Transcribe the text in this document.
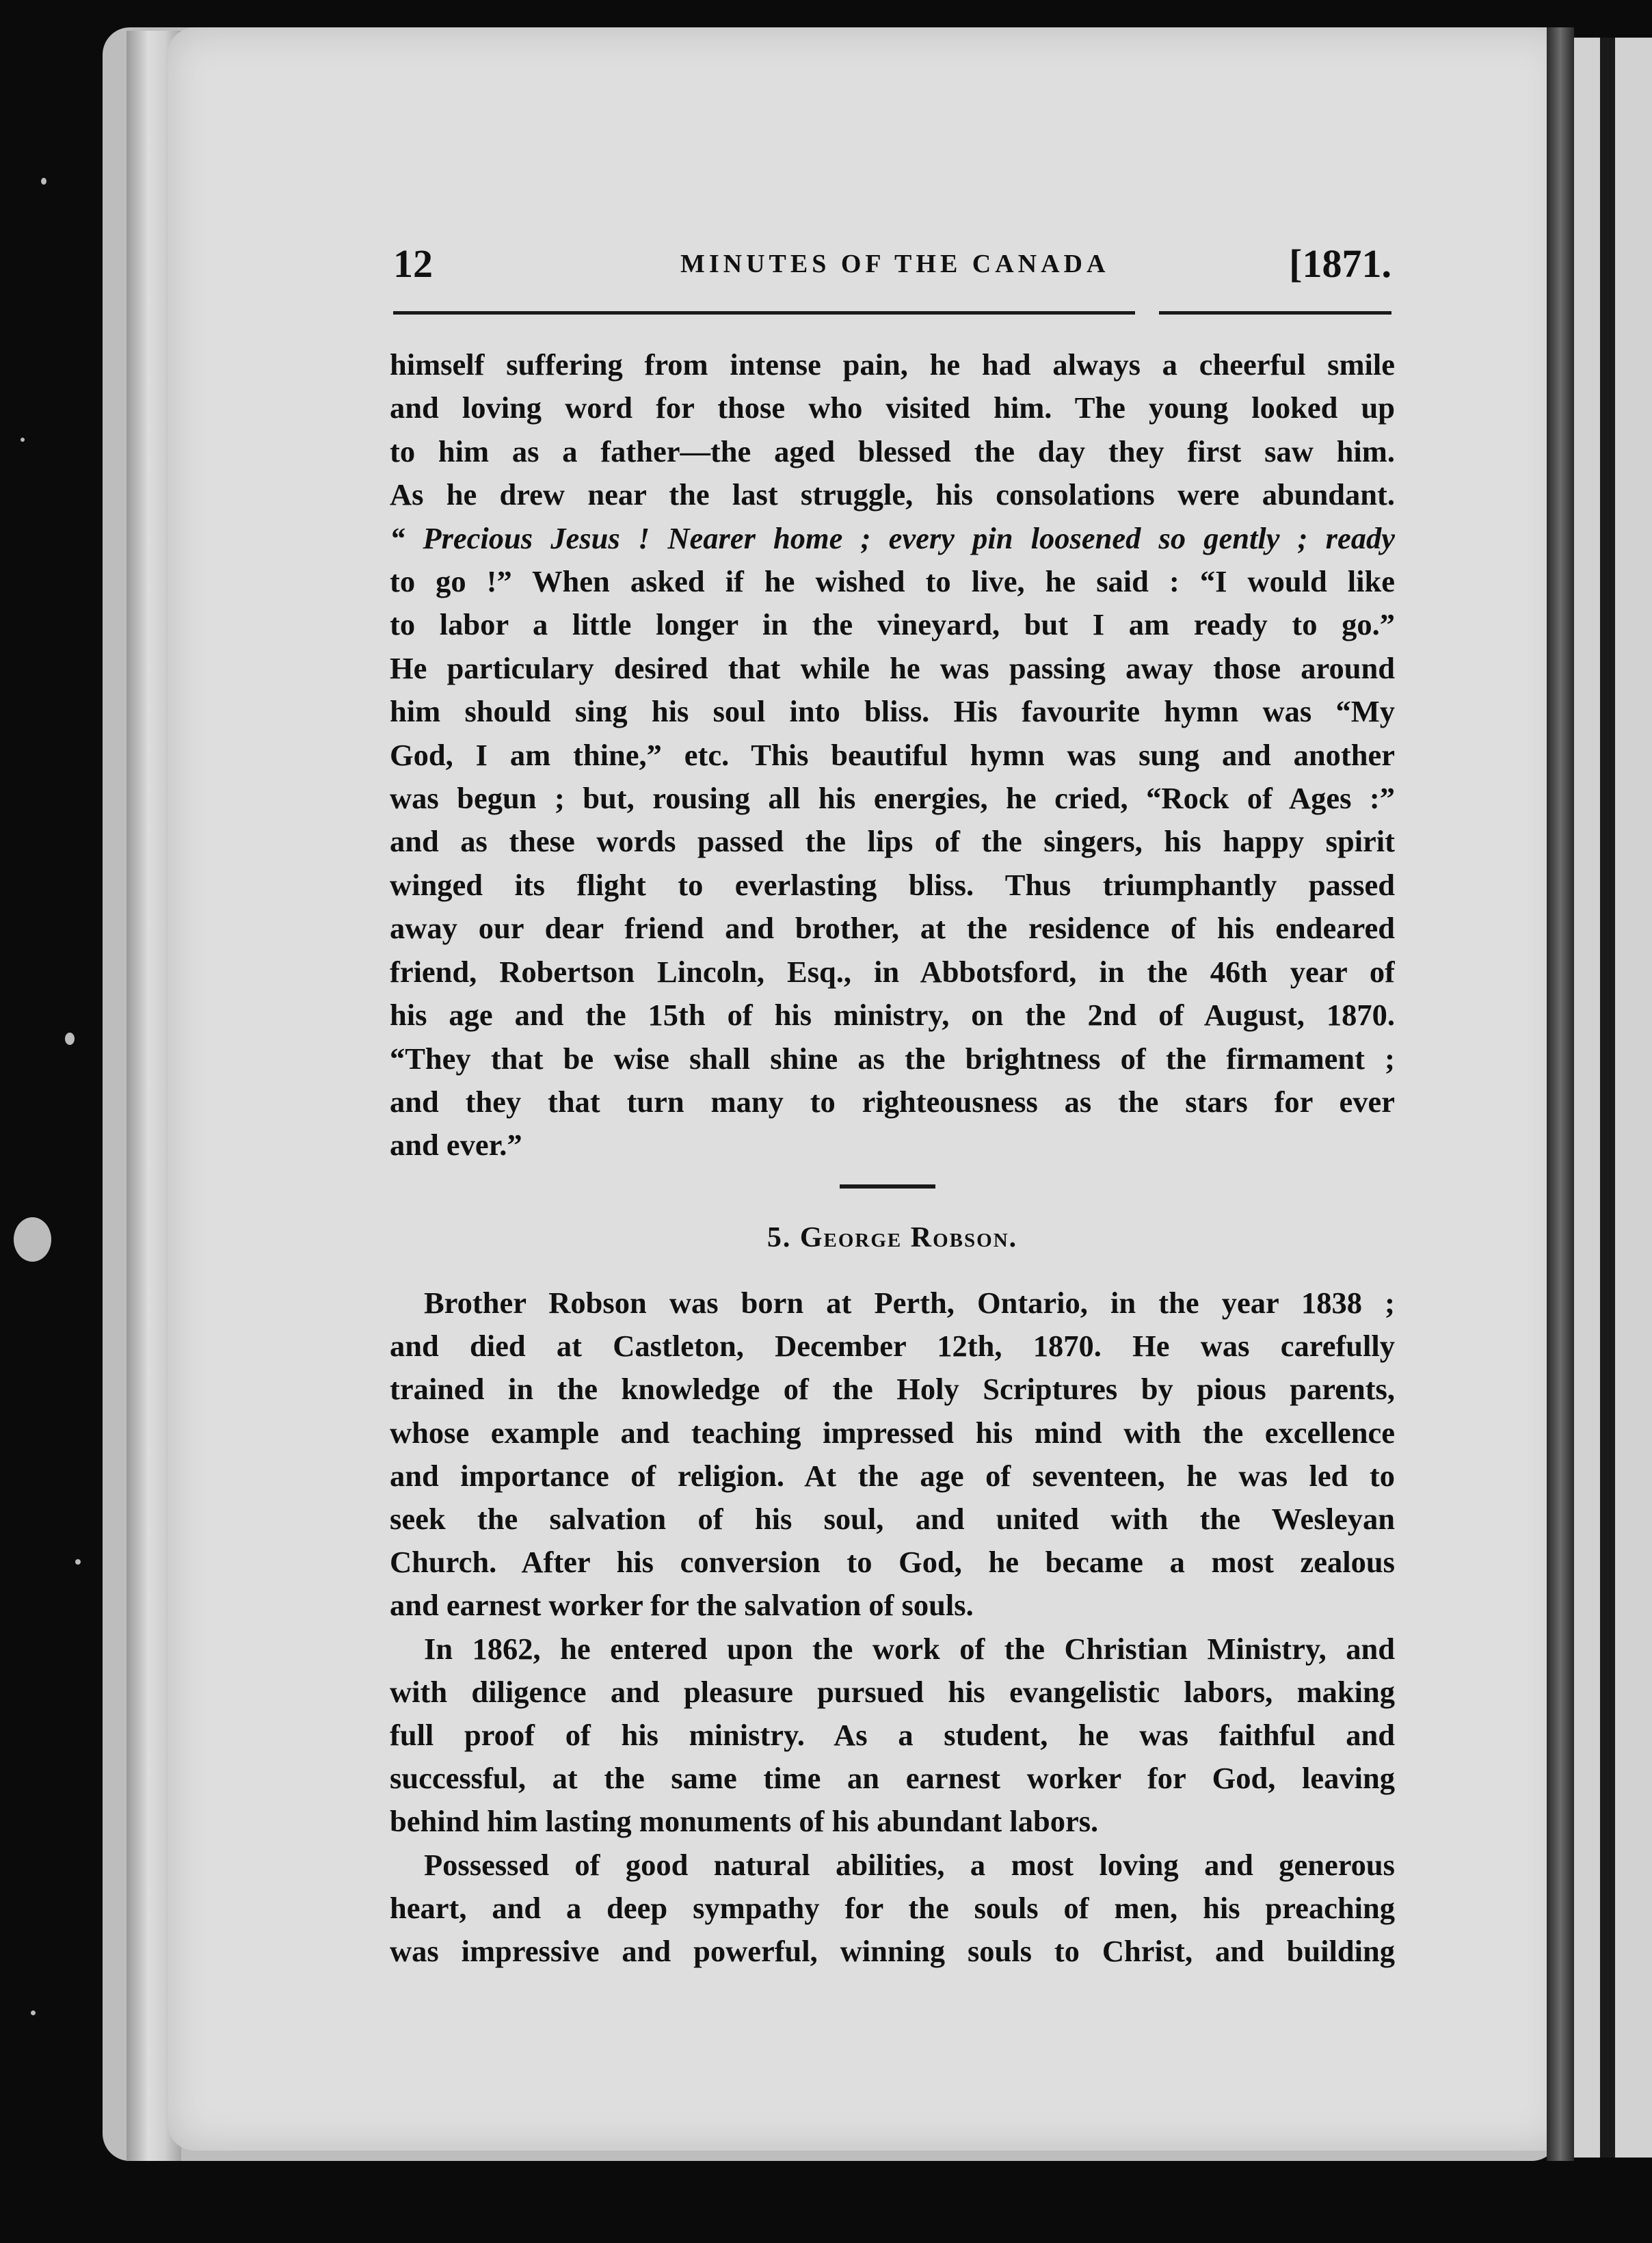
12	MINUTES OF THE CANADA	[1871.
himself suffering from intense pain, he had always a cheerful smile
and loving word for those who visited him. The young looked up
to him as a father—the aged blessed the day they first saw him.
As he drew near the last struggle, his consolations were abundant.
“ Precious Jesus ! Nearer home ; every pin loosened so gently ; ready
to go !” When asked if he wished to live, he said : “I would like
to labor a little longer in the vineyard, but I am ready to go.”
He particulary desired that while he was passing away those around
him should sing his soul into bliss. His favourite hymn was “My
God, I am thine,” etc. This beautiful hymn was sung and another
was begun ; but, rousing all his energies, he cried, “Rock of Ages :”
and as these words passed the lips of the singers, his happy spirit
winged its flight to everlasting bliss. Thus triumphantly passed
away our dear friend and brother, at the residence of his endeared
friend, Robertson Lincoln, Esq., in Abbotsford, in the 46th year of
his age and the 15th of his ministry, on the 2nd of August, 1870.
“They that be wise shall shine as the brightness of the firmament ;
and they that turn many to righteousness as the stars for ever
and ever.”
5. George Robson.
Brother Robson was born at Perth, Ontario, in the year 1838 ;
and died at Castleton, December 12th, 1870. He was carefully
trained in the knowledge of the Holy Scriptures by pious parents,
whose example and teaching impressed his mind with the excellence
and importance of religion. At the age of seventeen, he was led to
seek the salvation of his soul, and united with the Wesleyan
Church. After his conversion to God, he became a most zealous
and earnest worker for the salvation of souls.
In 1862, he entered upon the work of the Christian Ministry, and
with diligence and pleasure pursued his evangelistic labors, making
full proof of his ministry. As a student, he was faithful and
successful, at the same time an earnest worker for God, leaving
behind him lasting monuments of his abundant labors.
Possessed of good natural abilities, a most loving and generous
heart, and a deep sympathy for the souls of men, his preaching
was impressive and powerful, winning souls to Christ, and building
